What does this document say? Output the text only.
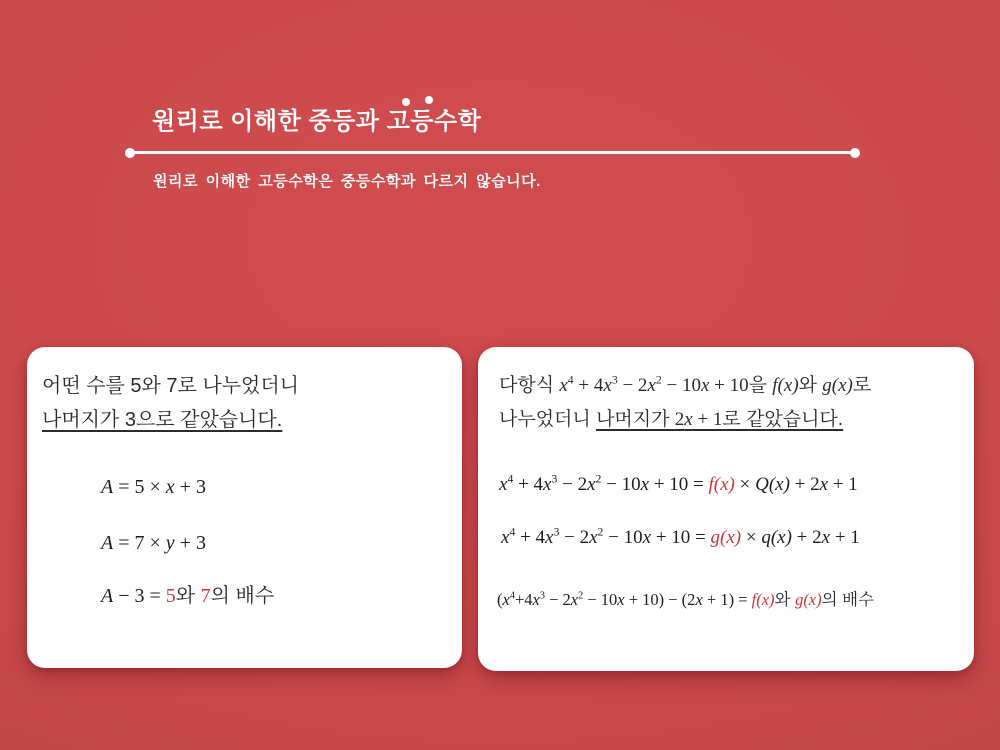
원리로 이해한 중등과 고등수학

원리로 이해한 고등수학은 중등수학과 다르지 않습니다.

어떤 수를 5와 7로 나누었더니
나머지가 3으로 같았습니다.
A = 5 × x + 3
A = 7 × y + 3
A − 3 = 5와 7의 배수
다항식 $x^4 + 4x^3 - 2x^2 - 10x + 10$을 f(x)와 g(x)로
나누었더니 나머지가 2x + 1로 같았습니다.
$x^4 + 4x^3 - 2x^2 - 10x + 10 = f(x) \times Q(x) + 2x + 1$
$x^4 + 4x^3 - 2x^2 - 10x + 10 = g(x) \times q(x) + 2x + 1$
$(x^4+4x^3 - 2x^2 - 10x + 10) - (2x + 1) = f(x)$와 g(x)의 배수
